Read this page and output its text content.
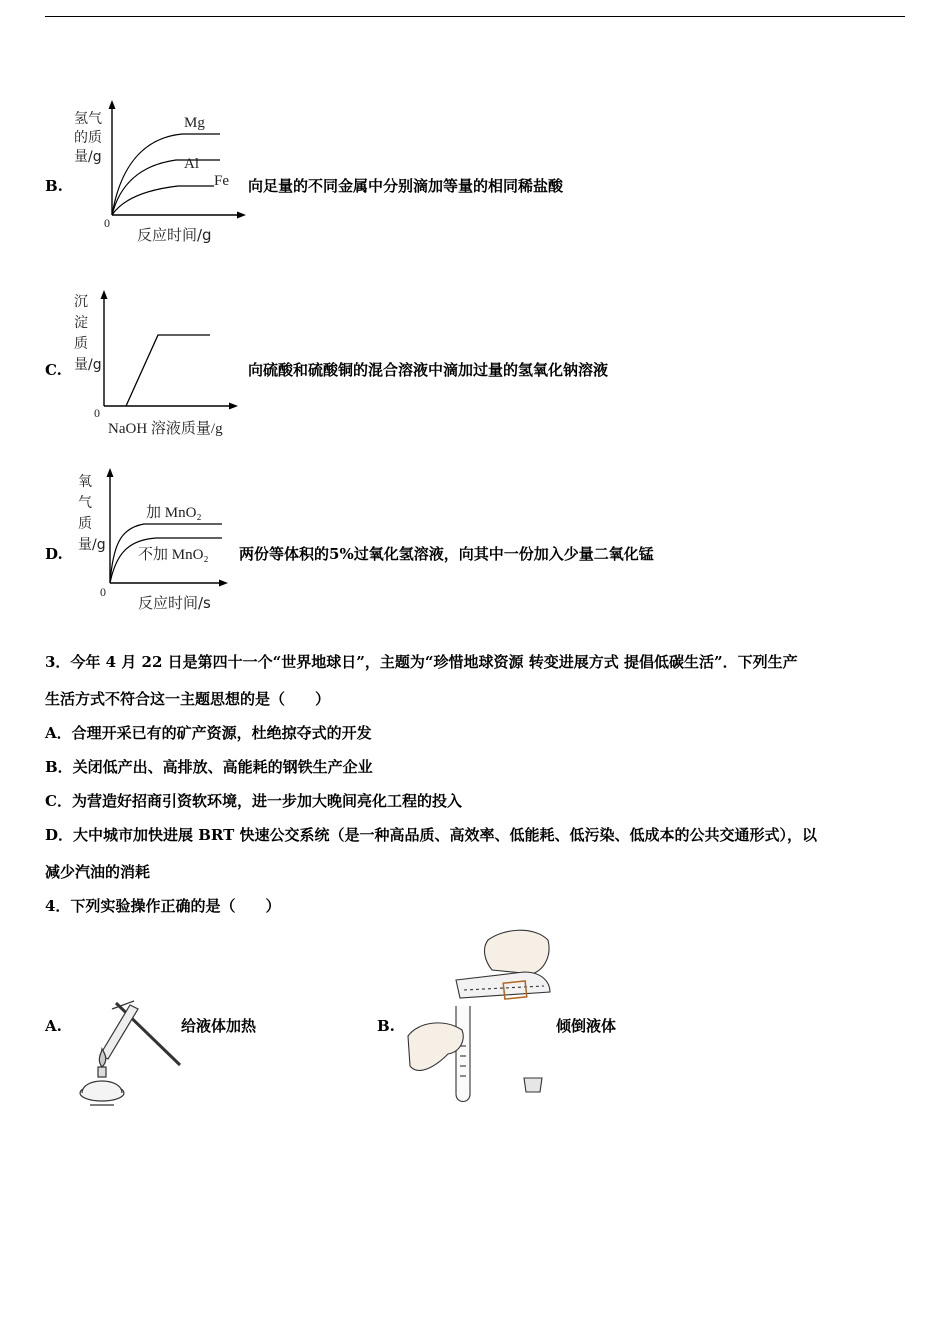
B.
氢气的质量/g
Mg
Al
Fe
0
反应时间/g
向足量的不同金属中分别滴加等量的相同稀盐酸
C.
沉淀质量/g
0
NaOH 溶液质量/g
向硫酸和硫酸铜的混合溶液中滴加过量的氢氧化钠溶液
D.
氧气质量/g
加 MnO₂
不加 MnO₂
0
反应时间/s
两份等体积的5%过氧化氢溶液，向其中一份加入少量二氧化锰
3．今年 4 月 22 日是第四十一个“世界地球日”，主题为“珍惜地球资源 转变进展方式 提倡低碳生活”．下列生产
生活方式不符合这一主题思想的是（　　）
A．合理开采已有的矿产资源，杜绝掠夺式的开发
B．关闭低产出、高排放、高能耗的钢铁生产企业
C．为营造好招商引资软环境，进一步加大晚间亮化工程的投入
D．大中城市加快进展 BRT 快速公交系统（是一种高品质、高效率、低能耗、低污染、低成本的公共交通形式），以
减少汽油的消耗
4．下列实验操作正确的是（　　）
A.	给液体加热	B.	倾倒液体
